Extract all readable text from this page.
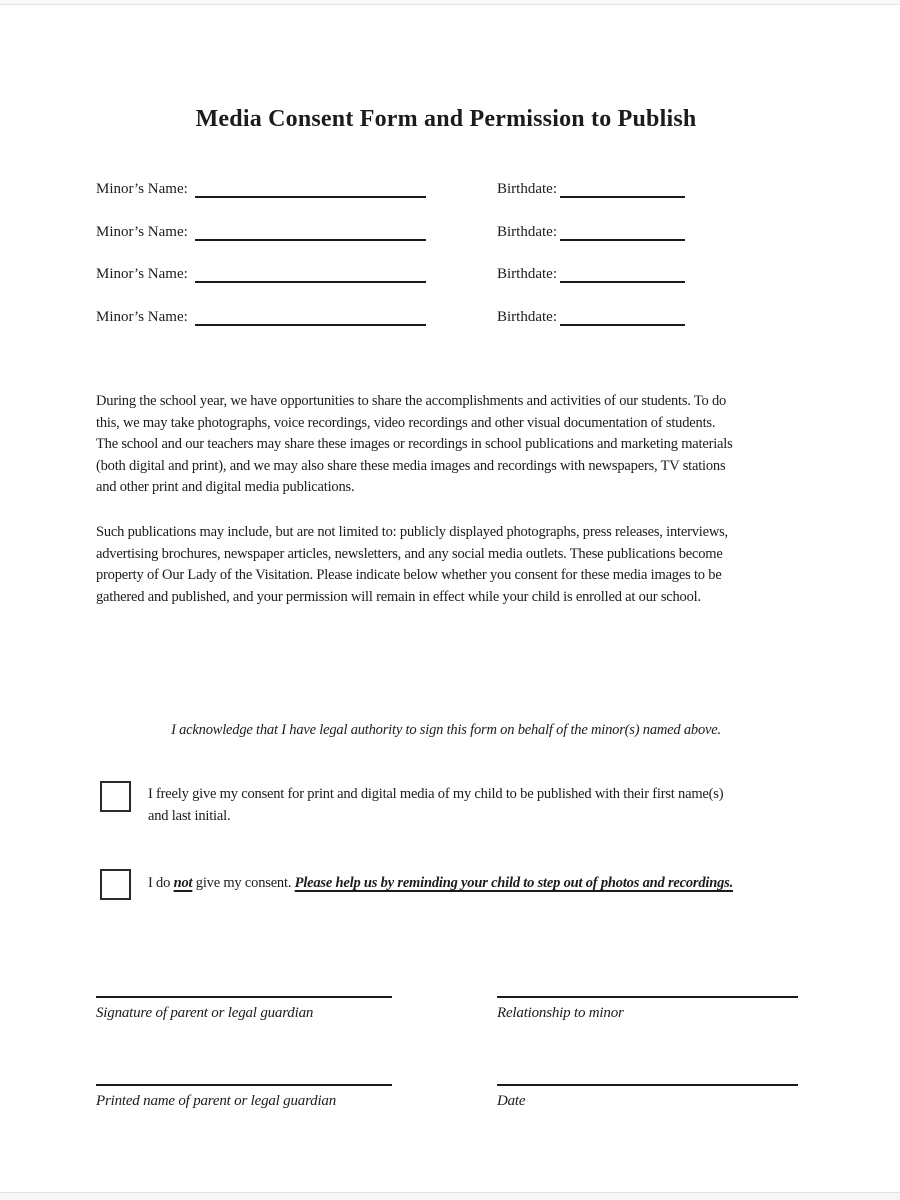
Media Consent Form and Permission to Publish
Minor’s Name:	Birthdate:
Minor’s Name:	Birthdate:
Minor’s Name:	Birthdate:
Minor’s Name:	Birthdate:
During the school year, we have opportunities to share the accomplishments and activities of our students. To do
this, we may take photographs, voice recordings, video recordings and other visual documentation of students.
The school and our teachers may share these images or recordings in school publications and marketing materials
(both digital and print), and we may also share these media images and recordings with newspapers, TV stations
and other print and digital media publications.
Such publications may include, but are not limited to: publicly displayed photographs, press releases, interviews,
advertising brochures, newspaper articles, newsletters, and any social media outlets. These publications become
property of Our Lady of the Visitation. Please indicate below whether you consent for these media images to be
gathered and published, and your permission will remain in effect while your child is enrolled at our school.

I acknowledge that I have legal authority to sign this form on behalf of the minor(s) named above.

I freely give my consent for print and digital media of my child to be published with their first name(s)
and last initial.
I do not give my consent. Please help us by reminding your child to step out of photos and recordings.
Signature of parent or legal guardian	Relationship to minor
Printed name of parent or legal guardian	Date
